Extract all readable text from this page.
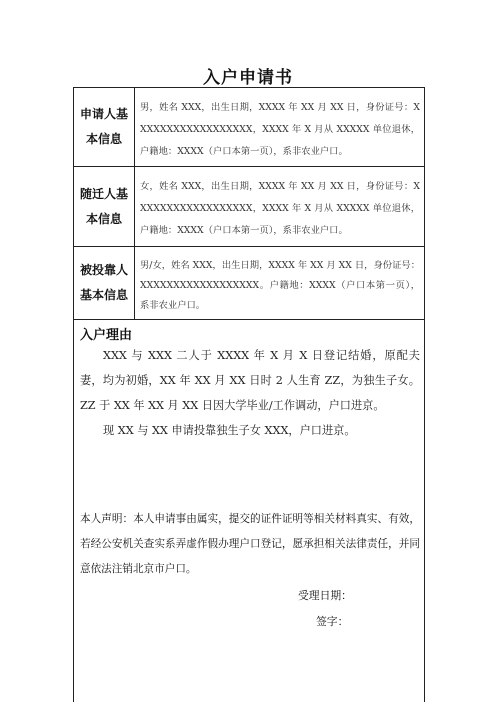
入户申请书
申请人基
本信息
男，姓名 XXX，出生日期，XXXX 年 XX 月 XX 日，身份证号：XXXXXXXXXXXXXXXXXX，XXXX 年 X 月从 XXXXX 单位退休，户籍地：XXXX（户口本第一页），系非农业户口。
随迁人基
本信息
女，姓名 XXX，出生日期，XXXX 年 XX 月 XX 日，身份证号：XXXXXXXXXXXXXXXXXX，XXXX 年 X 月从 XXXXX 单位退休，户籍地：XXXX（户口本第一页），系非农业户口。
被投靠人
基本信息
男/女，姓名 XXX，出生日期，XXXX 年 XX 月 XX 日，身份证号：XXXXXXXXXXXXXXXXXX。户籍地：XXXX（户口本第一页），系非农业户口。
入户理由
XXX 与 XXX 二人于 XXXX 年 X 月 X 日登记结婚，原配夫妻，均为初婚，XX 年 XX 月 XX 日时 2 人生育 ZZ，为独生子女。ZZ 于 XX 年 XX 月 XX 日因大学毕业/工作调动，户口进京。
现 XX 与 XX 申请投靠独生子女 XXX，户口进京。
本人声明：本人申请事由属实，提交的证件证明等相关材料真实、有效，若经公安机关查实系弄虚作假办理户口登记，愿承担相关法律责任，并同意依法注销北京市户口。
受理日期：
签字：
